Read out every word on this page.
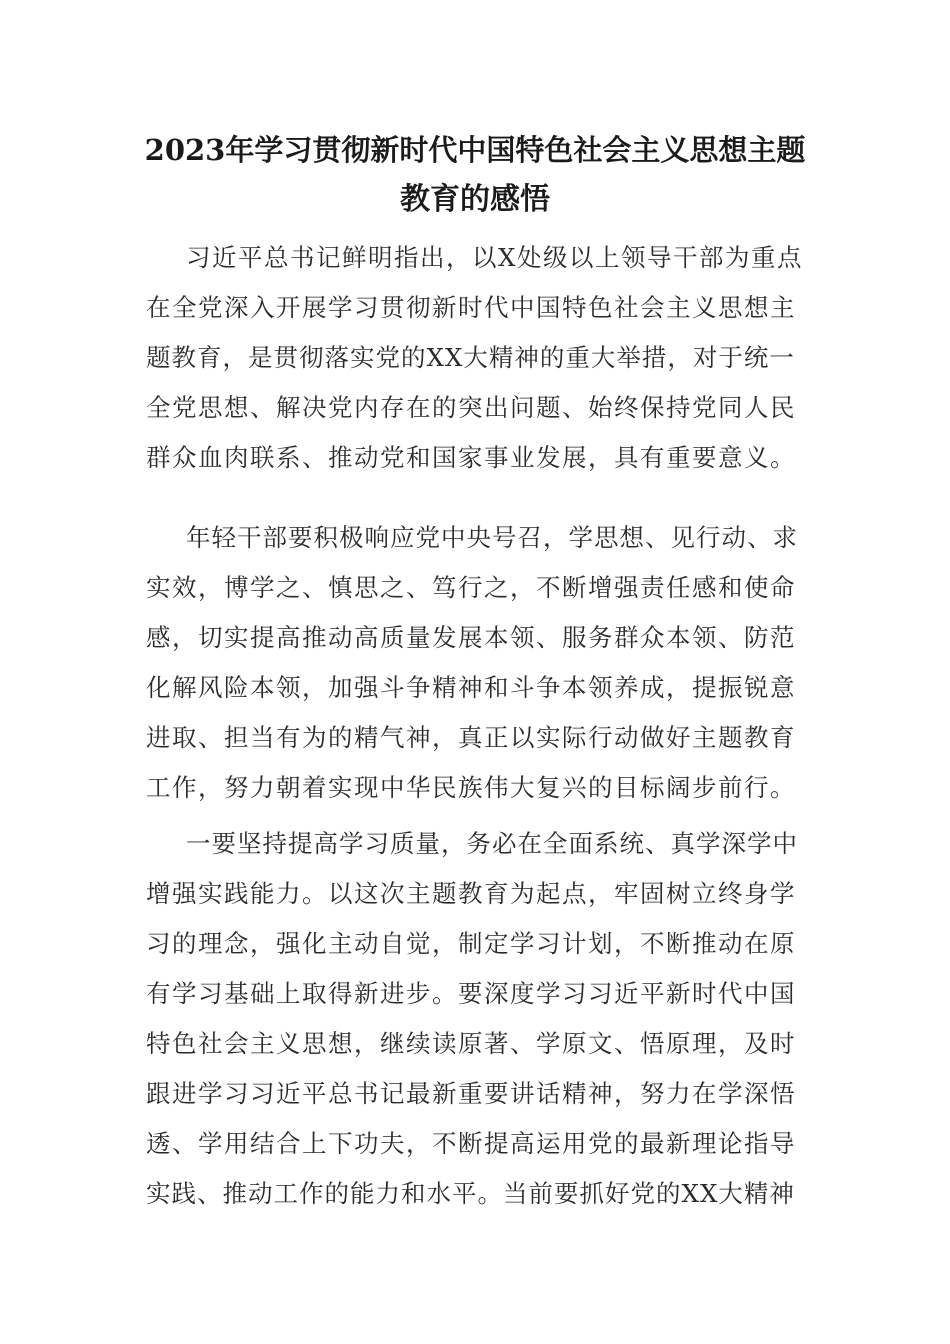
2023年学习贯彻新时代中国特色社会主义思想主题
教育的感悟
习近平总书记鲜明指出，以X处级以上领导干部为重点
在全党深入开展学习贯彻新时代中国特色社会主义思想主
题教育，是贯彻落实党的XX大精神的重大举措，对于统一
全党思想、解决党内存在的突出问题、始终保持党同人民
群众血肉联系、推动党和国家事业发展，具有重要意义。
年轻干部要积极响应党中央号召，学思想、见行动、求
实效，博学之、慎思之、笃行之，不断增强责任感和使命
感，切实提高推动高质量发展本领、服务群众本领、防范
化解风险本领，加强斗争精神和斗争本领养成，提振锐意
进取、担当有为的精气神，真正以实际行动做好主题教育
工作，努力朝着实现中华民族伟大复兴的目标阔步前行。
一要坚持提高学习质量，务必在全面系统、真学深学中
增强实践能力。以这次主题教育为起点，牢固树立终身学
习的理念，强化主动自觉，制定学习计划，不断推动在原
有学习基础上取得新进步。要深度学习习近平新时代中国
特色社会主义思想，继续读原著、学原文、悟原理，及时
跟进学习习近平总书记最新重要讲话精神，努力在学深悟
透、学用结合上下功夫，不断提高运用党的最新理论指导
实践、推动工作的能力和水平。当前要抓好党的XX大精神
